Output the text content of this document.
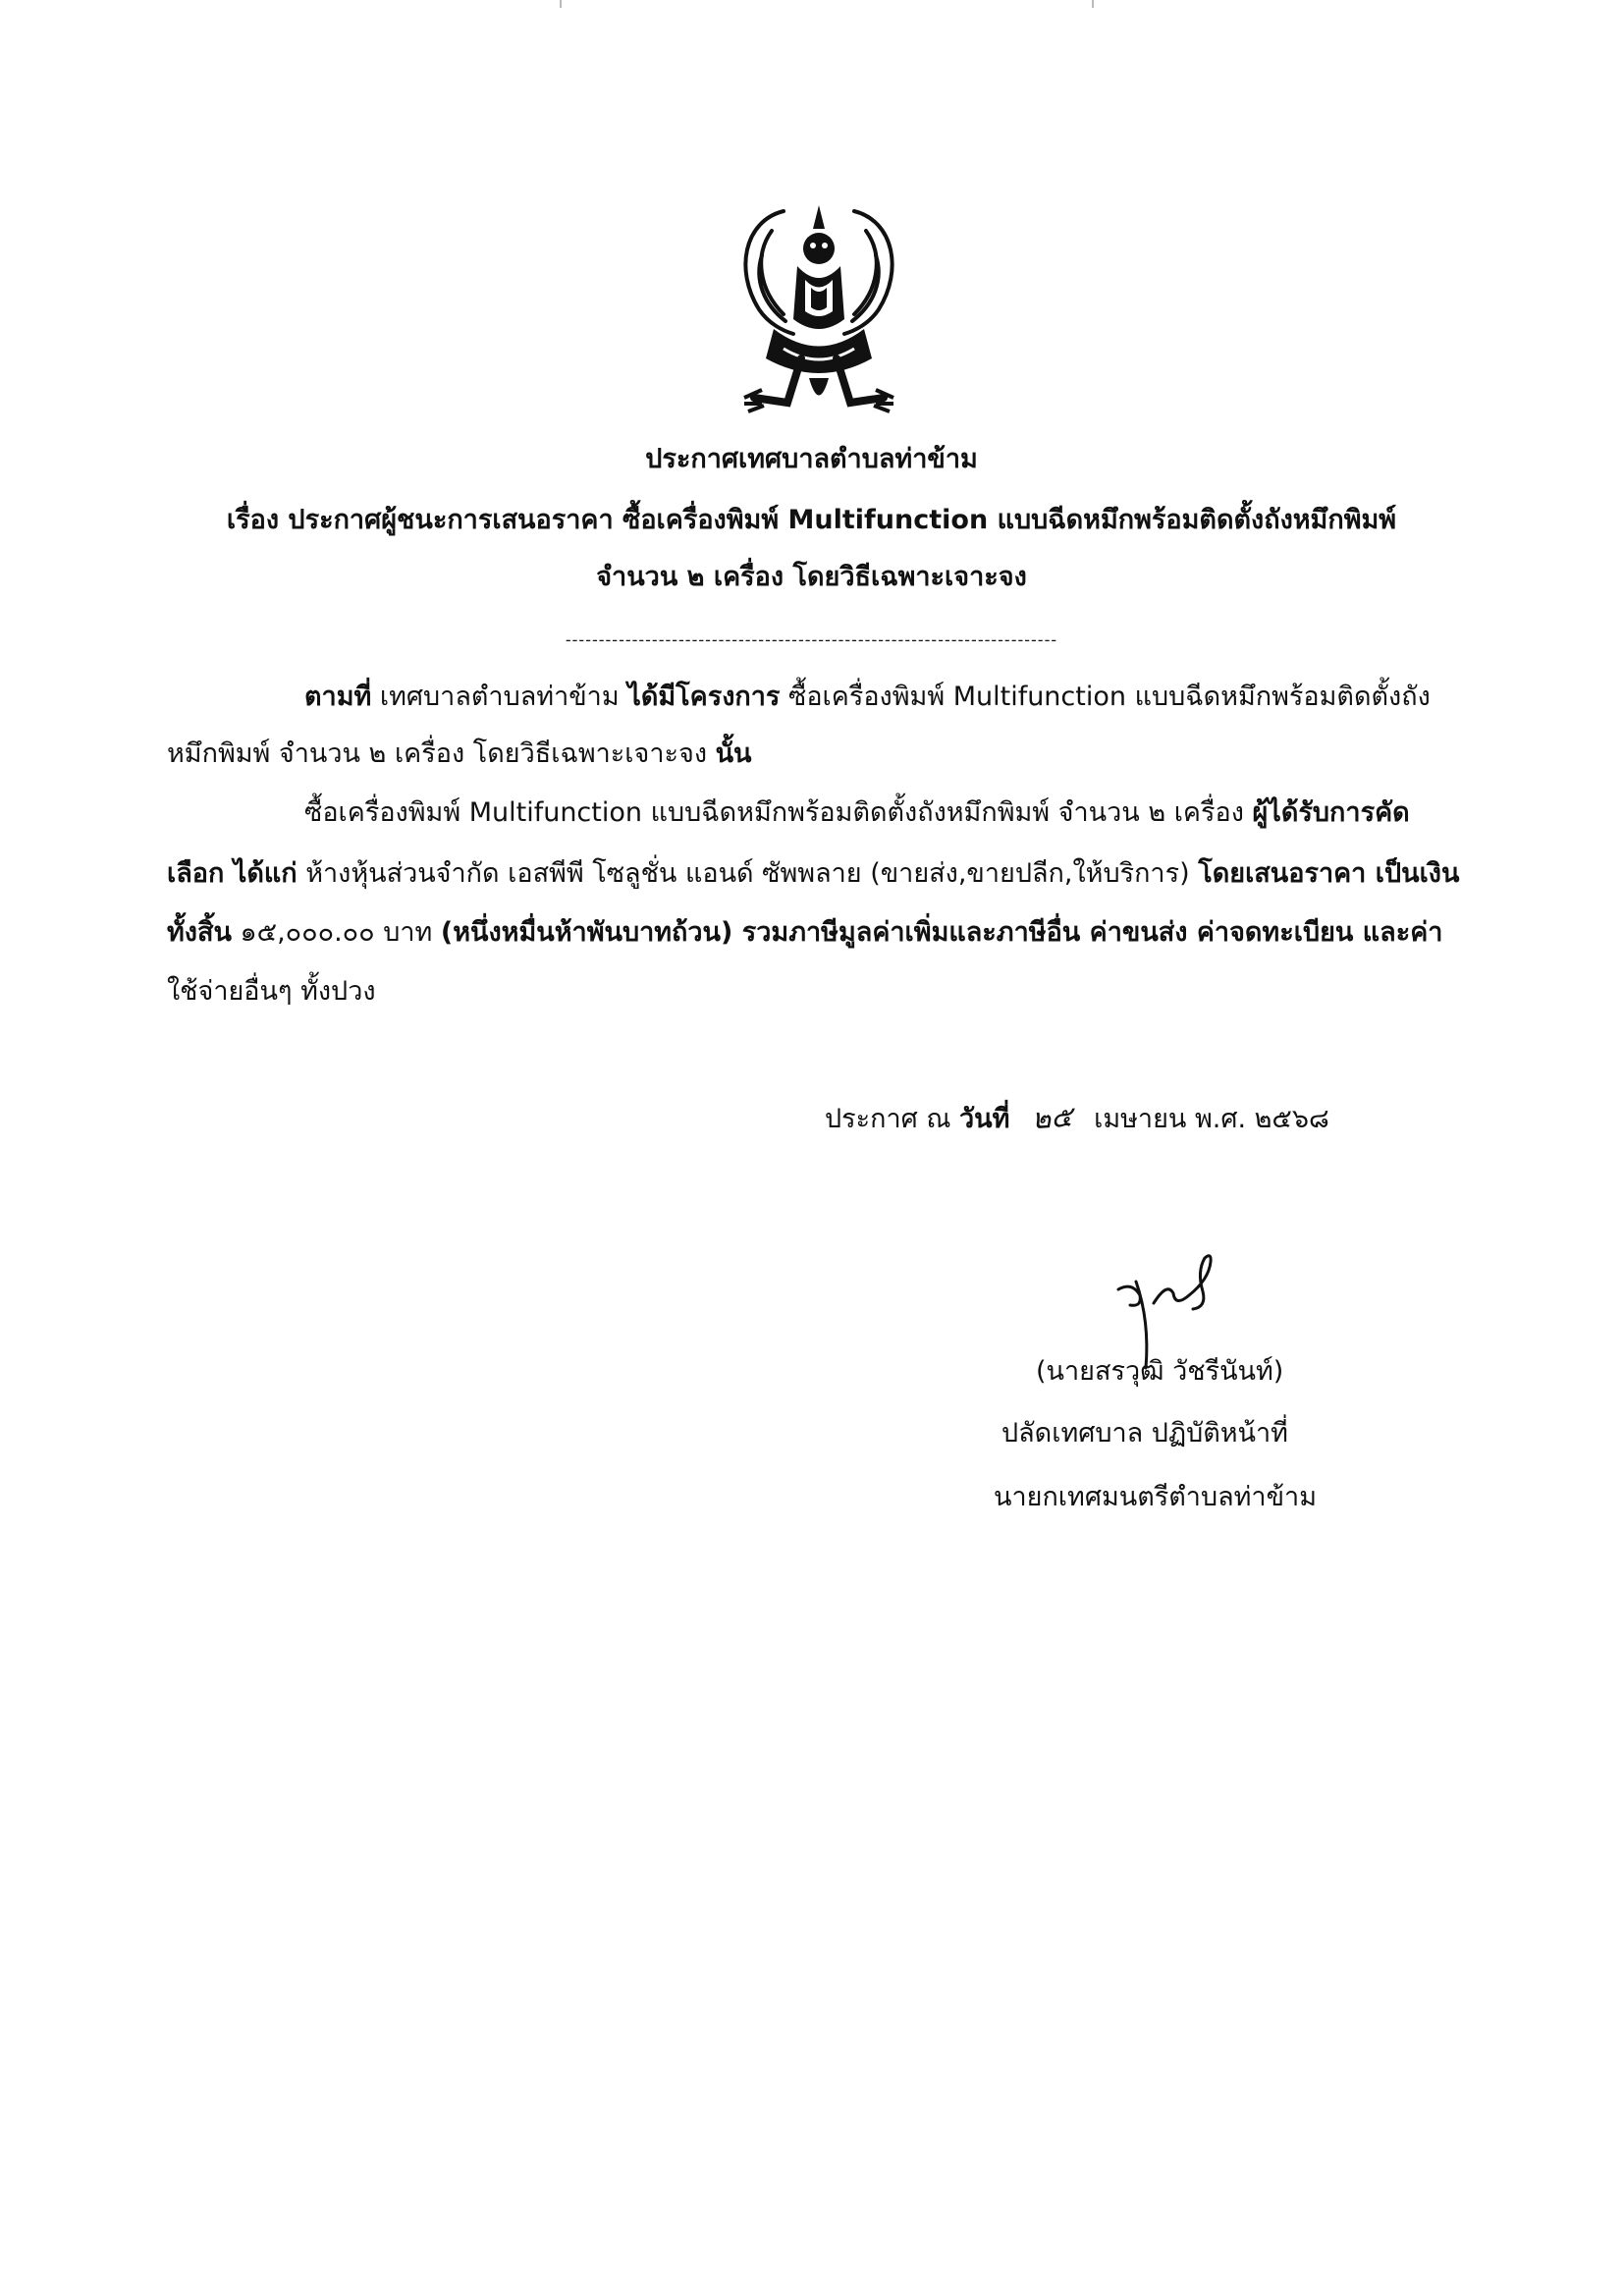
ประกาศเทศบาลตำบลท่าข้าม
เรื่อง ประกาศผู้ชนะการเสนอราคา ซื้อเครื่องพิมพ์ Multifunction แบบฉีดหมึกพร้อมติดตั้งถังหมึกพิมพ์
จำนวน ๒ เครื่อง โดยวิธีเฉพาะเจาะจง
--------------------------------------------------------------------------
ตามที่ เทศบาลตำบลท่าข้าม ได้มีโครงการ ซื้อเครื่องพิมพ์ Multifunction แบบฉีดหมึกพร้อมติดตั้งถัง
หมึกพิมพ์ จำนวน ๒ เครื่อง โดยวิธีเฉพาะเจาะจง นั้น
ซื้อเครื่องพิมพ์ Multifunction แบบฉีดหมึกพร้อมติดตั้งถังหมึกพิมพ์ จำนวน ๒ เครื่อง ผู้ได้รับการคัด
เลือก ได้แก่ ห้างหุ้นส่วนจำกัด เอสพีพี โซลูชั่น แอนด์ ซัพพลาย (ขายส่ง,ขายปลีก,ให้บริการ) โดยเสนอราคา เป็นเงิน
ทั้งสิ้น ๑๕,๐๐๐.๐๐ บาท (หนึ่งหมื่นห้าพันบาทถ้วน) รวมภาษีมูลค่าเพิ่มและภาษีอื่น ค่าขนส่ง ค่าจดทะเบียน และค่า
ใช้จ่ายอื่นๆ ทั้งปวง
ประกาศ ณ วันที่ ๒๕ เมษายน พ.ศ. ๒๕๖๘
(นายสรวุฒิ วัชรีนันท์)
ปลัดเทศบาล ปฏิบัติหน้าที่
นายกเทศมนตรีตำบลท่าข้าม
